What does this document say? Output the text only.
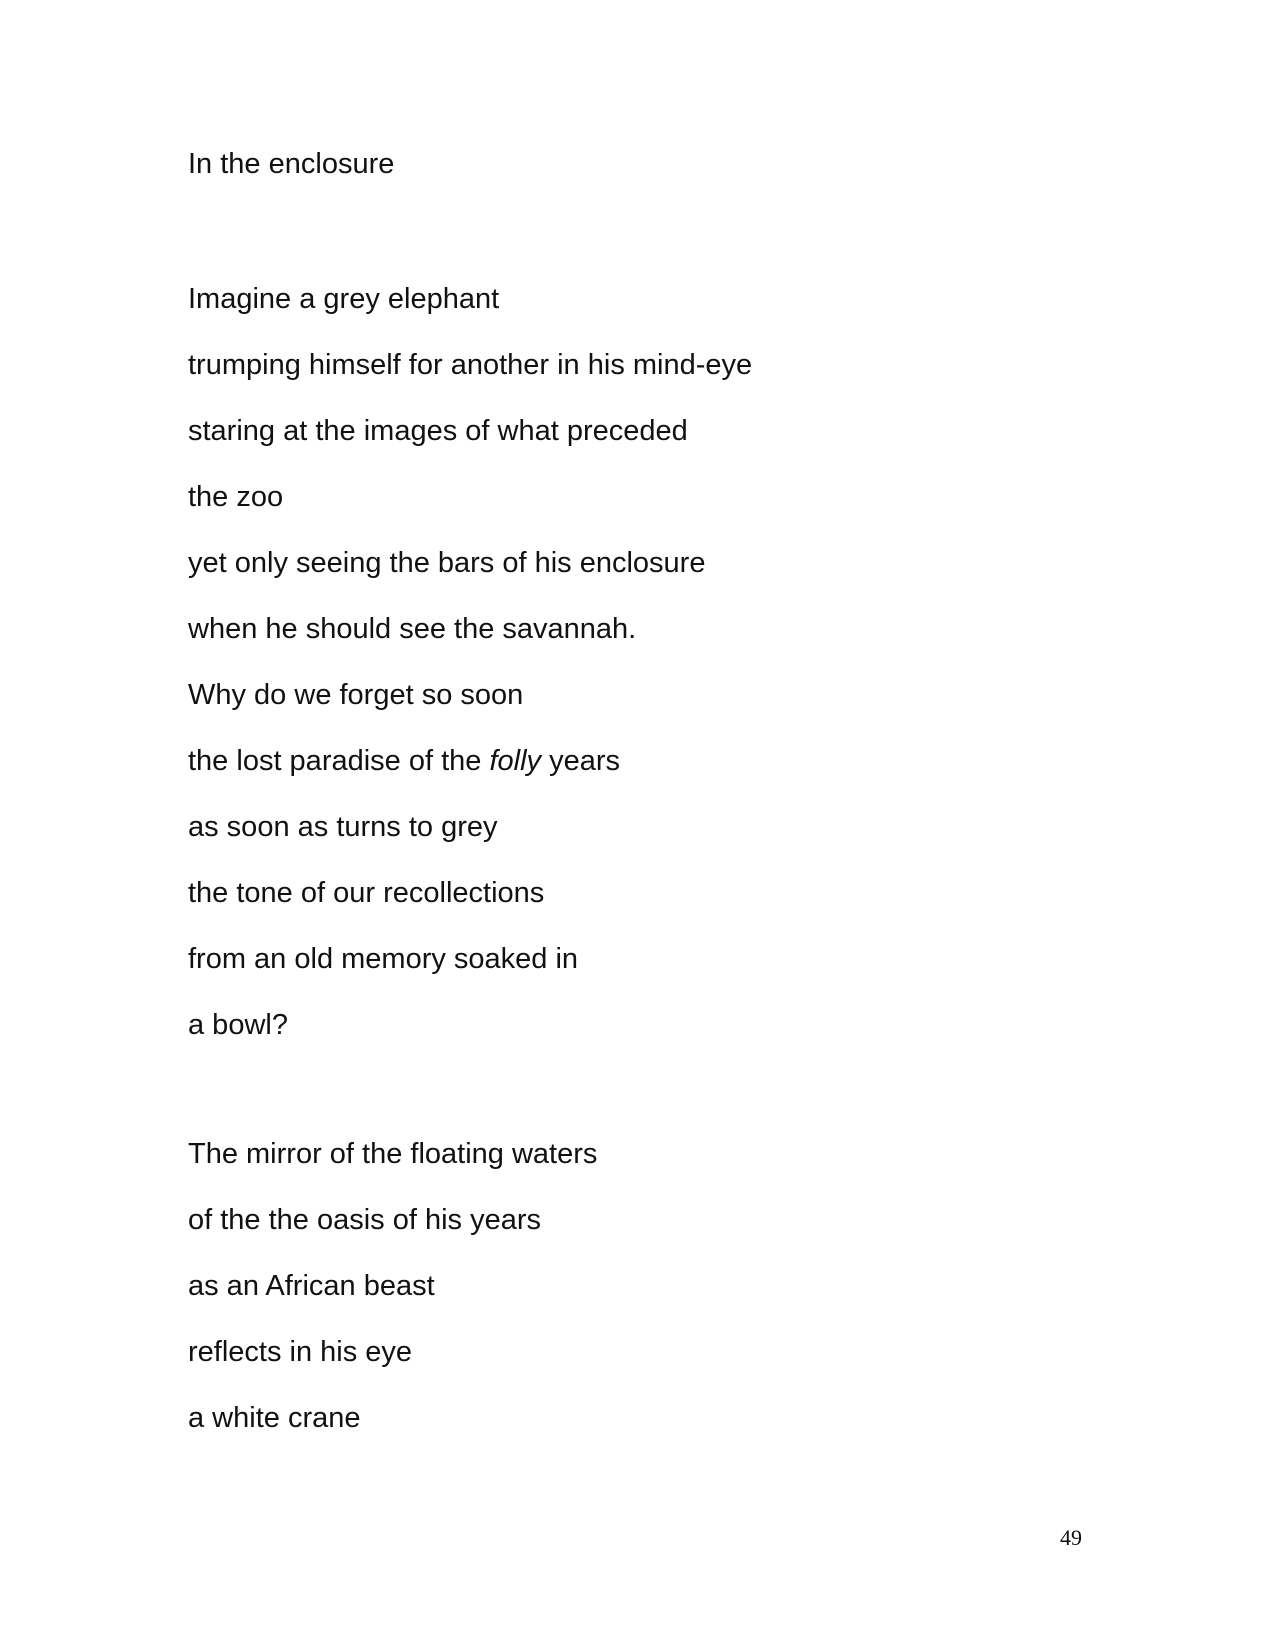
In the enclosure
Imagine a grey elephant
trumping himself for another in his mind-eye
staring at the images of what preceded
the zoo
yet only seeing the bars of his enclosure
when he should see the savannah.
Why do we forget so soon
the lost paradise of the folly years
as soon as turns to grey
the tone of our recollections
from an old memory soaked in
a bowl?
The mirror of the floating waters
of the the oasis of his years
as an African beast
reflects in his eye
a white crane
49
